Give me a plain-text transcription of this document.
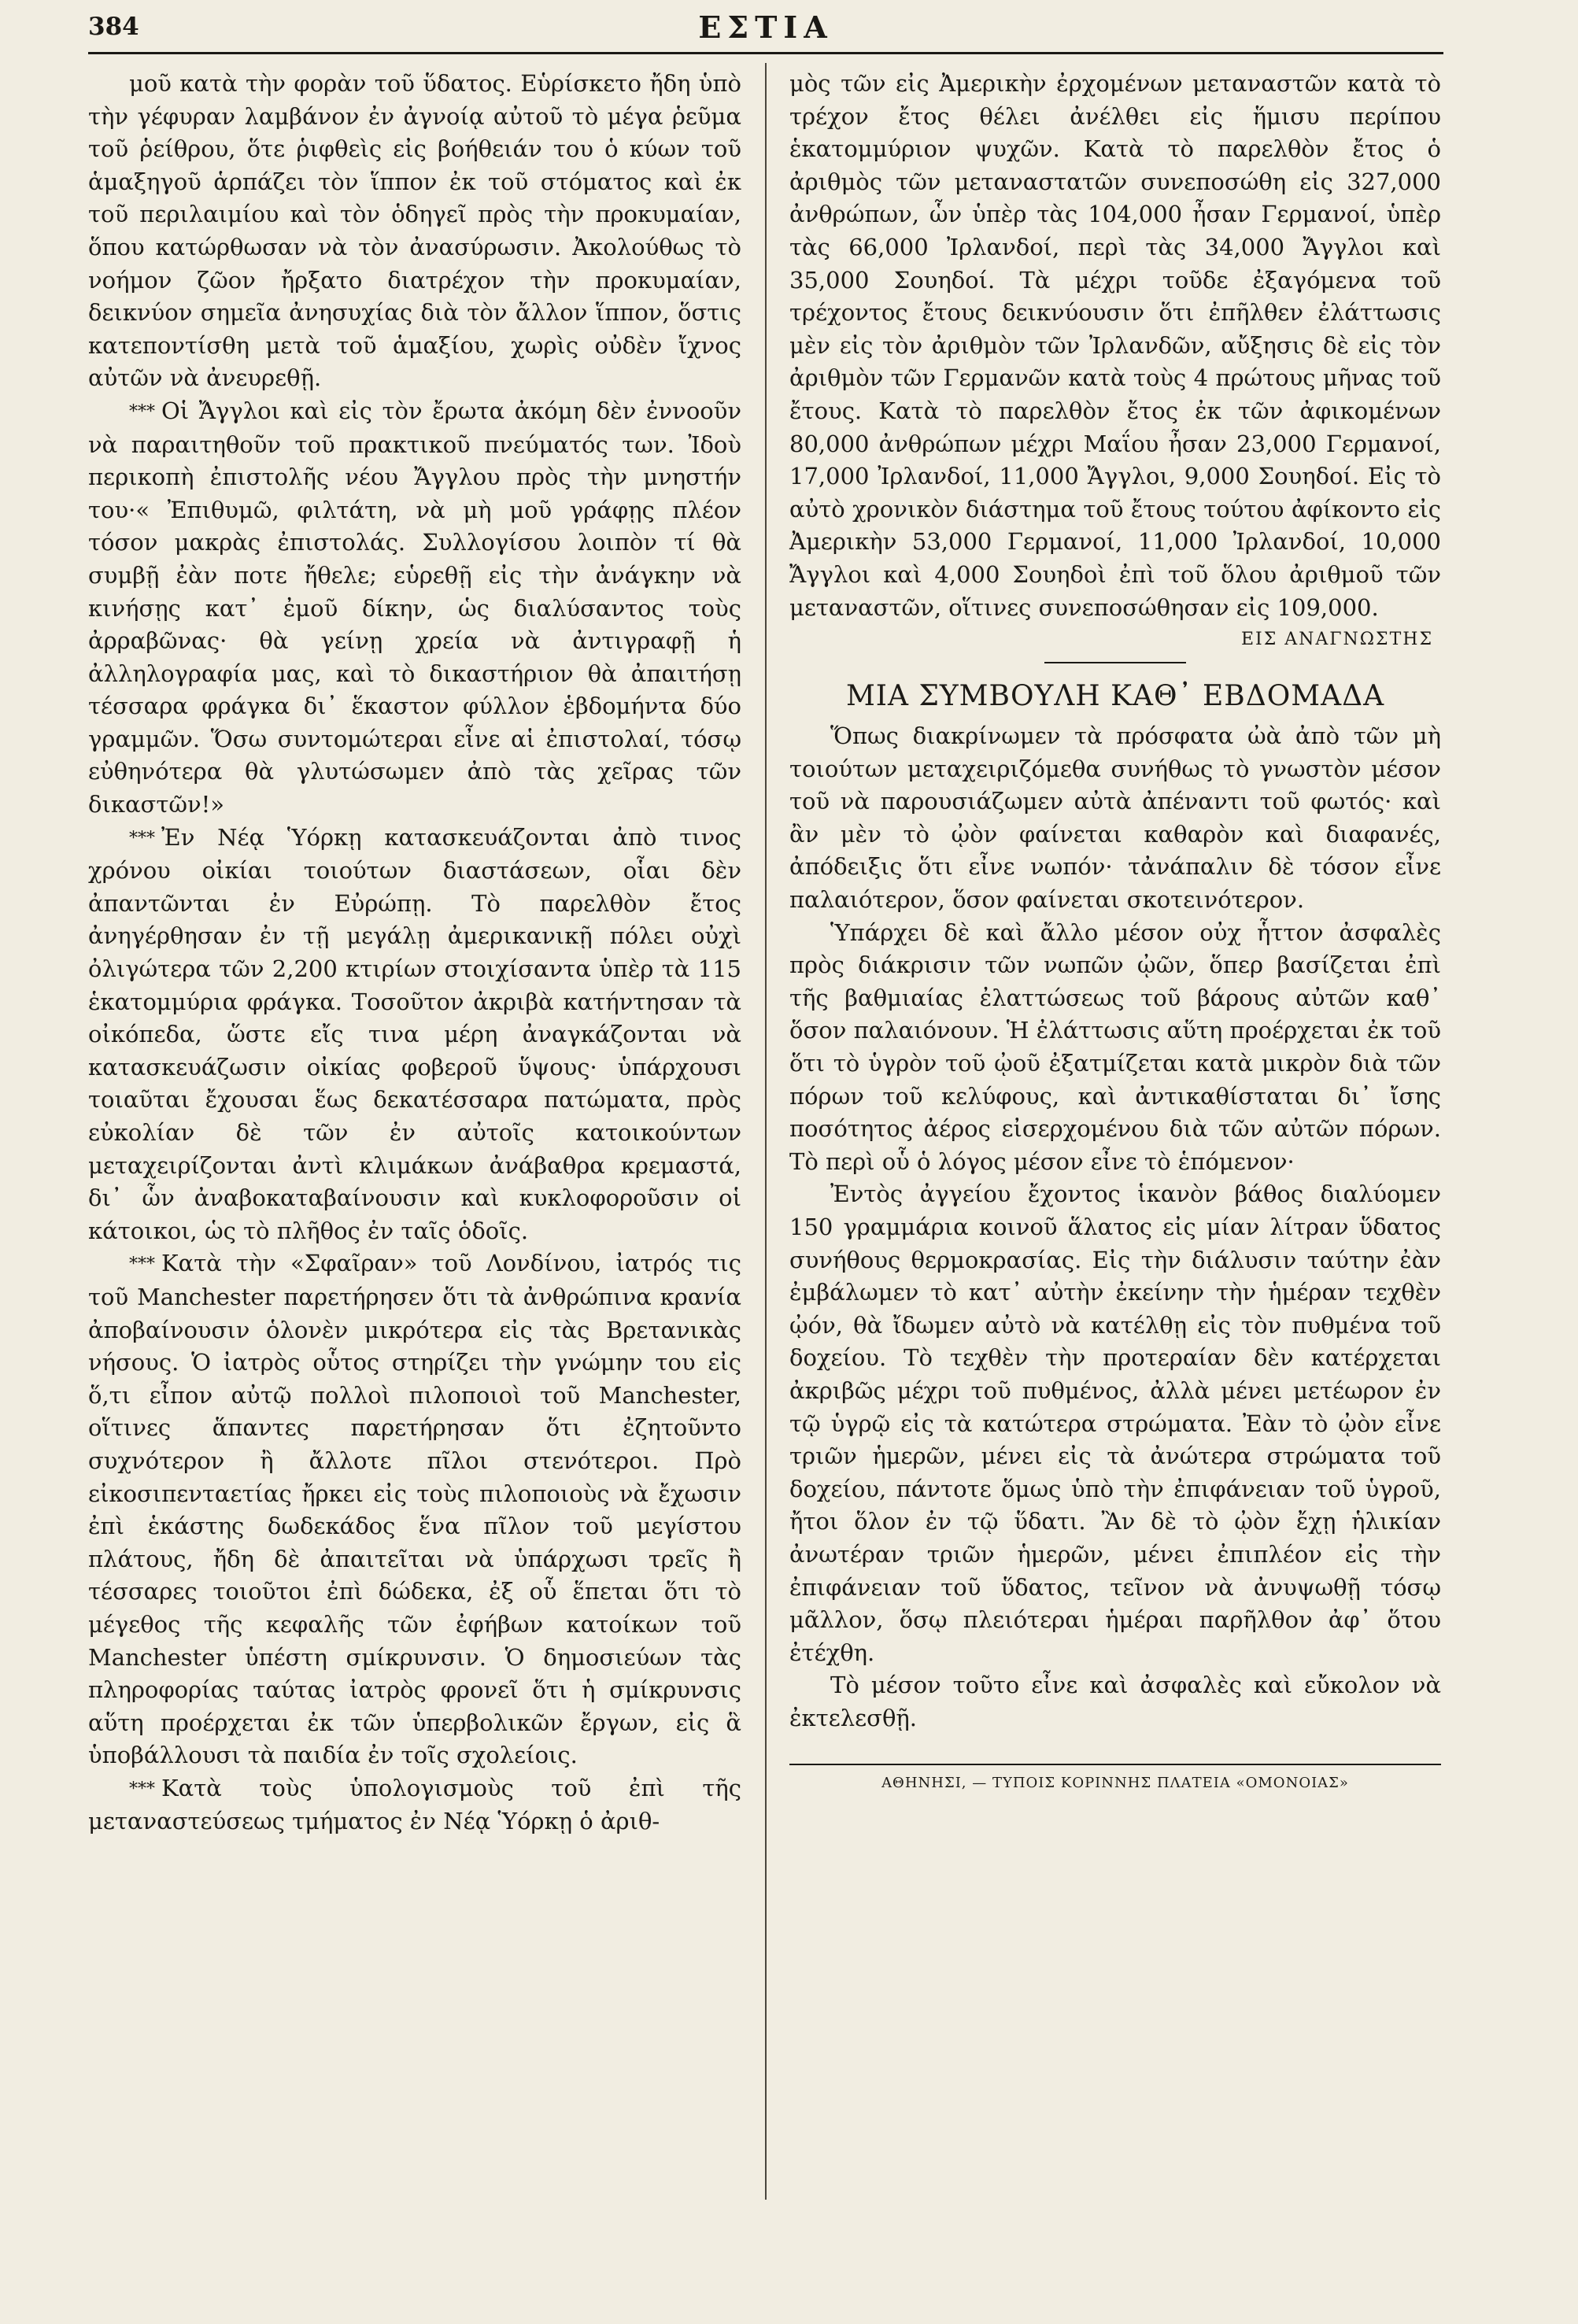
384	ΕΣΤΙΑ

μοῦ κατὰ τὴν φορὰν τοῦ ὕδατος. Εὑρίσκετο ἤδη ὑπὸ τὴν γέφυραν λαμβάνον ἐν ἀγνοίᾳ αὐτοῦ τὸ μέγα ῥεῦμα τοῦ ῥείθρου, ὅτε ῥιφθεὶς εἰς βοήθειάν του ὁ κύων τοῦ ἁμαξηγοῦ ἁρπάζει τὸν ἵππον ἐκ τοῦ στόματος καὶ ἐκ τοῦ περιλαιμίου καὶ τὸν ὁδηγεῖ πρὸς τὴν προκυμαίαν, ὅπου κατώρθωσαν νὰ τὸν ἀνασύρωσιν. Ἀκολούθως τὸ νοήμον ζῶον ἤρξατο διατρέχον τὴν προκυμαίαν, δεικνύον σημεῖα ἀνησυχίας διὰ τὸν ἄλλον ἵππον, ὅστις κατεποντίσθη μετὰ τοῦ ἁμαξίου, χωρὶς οὐδὲν ἴχνος αὐτῶν νὰ ἀνευρεθῇ.

*** Οἱ Ἄγγλοι καὶ εἰς τὸν ἔρωτα ἀκόμη δὲν ἐννοοῦν νὰ παραιτηθοῦν τοῦ πρακτικοῦ πνεύματός των. Ἰδοὺ περικοπὴ ἐπιστολῆς νέου Ἄγγλου πρὸς τὴν μνηστήν του·« Ἐπιθυμῶ, φιλτάτη, νὰ μὴ μοῦ γράφῃς πλέον τόσον μακρὰς ἐπιστολάς. Συλλογίσου λοιπὸν τί θὰ συμβῇ ἐὰν ποτε ἤθελε; εὑρεθῇ εἰς τὴν ἀνάγκην νὰ κινήσῃς κατ᾽ ἐμοῦ δίκην, ὡς διαλύσαντος τοὺς ἀρραβῶνας· θὰ γείνῃ χρεία νὰ ἀντιγραφῇ ἡ ἀλληλογραφία μας, καὶ τὸ δικαστήριον θὰ ἀπαιτήσῃ τέσσαρα φράγκα δι᾽ ἕκαστον φύλλον ἑβδομήντα δύο γραμμῶν. Ὅσω συντομώτεραι εἶνε αἱ ἐπιστολαί, τόσῳ εὐθηνότερα θὰ γλυτώσωμεν ἀπὸ τὰς χεῖρας τῶν δικαστῶν!»

*** Ἐν Νέᾳ Ὑόρκῃ κατασκευάζονται ἀπὸ τινος χρόνου οἰκίαι τοιούτων διαστάσεων, οἷαι δὲν ἀπαντῶνται ἐν Εὐρώπῃ. Τὸ παρελθὸν ἔτος ἀνηγέρθησαν ἐν τῇ μεγάλῃ ἀμερικανικῇ πόλει οὐχὶ ὀλιγώτερα τῶν 2,200 κτιρίων στοιχίσαντα ὑπὲρ τὰ 115 ἑκατομμύρια φράγκα. Τοσοῦτον ἀκριβὰ κατήντησαν τὰ οἰκόπεδα, ὥστε εἴς τινα μέρη ἀναγκάζονται νὰ κατασκευάζωσιν οἰκίας φοβεροῦ ὕψους· ὑπάρχουσι τοιαῦται ἔχουσαι ἕως δεκατέσσαρα πατώματα, πρὸς εὐκολίαν δὲ τῶν ἐν αὐτοῖς κατοικούντων μεταχειρίζονται ἀντὶ κλιμάκων ἀνάβαθρα κρεμαστά, δι᾽ ὧν ἀναβοκαταβαίνουσιν καὶ κυκλοφοροῦσιν οἱ κάτοικοι, ὡς τὸ πλῆθος ἐν ταῖς ὁδοῖς.

*** Κατὰ τὴν «Σφαῖραν» τοῦ Λονδίνου, ἰατρός τις τοῦ Manchester παρετήρησεν ὅτι τὰ ἀνθρώπινα κρανία ἀποβαίνουσιν ὁλονὲν μικρότερα εἰς τὰς Βρετανικὰς νήσους. Ὁ ἰατρὸς οὗτος στηρίζει τὴν γνώμην του εἰς ὅ,τι εἶπον αὐτῷ πολλοὶ πιλοποιοὶ τοῦ Manchester, οἵτινες ἅπαντες παρετήρησαν ὅτι ἐζητοῦντο συχνότερον ἢ ἄλλοτε πῖλοι στενότεροι. Πρὸ εἰκοσιπενταετίας ἤρκει εἰς τοὺς πιλοποιοὺς νὰ ἔχωσιν ἐπὶ ἑκάστης δωδεκάδος ἕνα πῖλον τοῦ μεγίστου πλάτους, ἤδη δὲ ἀπαιτεῖται νὰ ὑπάρχωσι τρεῖς ἢ τέσσαρες τοιοῦτοι ἐπὶ δώδεκα, ἐξ οὗ ἕπεται ὅτι τὸ μέγεθος τῆς κεφαλῆς τῶν ἐφήβων κατοίκων τοῦ Manchester ὑπέστη σμίκρυνσιν. Ὁ δημοσιεύων τὰς πληροφορίας ταύτας ἰατρὸς φρονεῖ ὅτι ἡ σμίκρυνσις αὕτη προέρχεται ἐκ τῶν ὑπερβολικῶν ἔργων, εἰς ἃ ὑποβάλλουσι τὰ παιδία ἐν τοῖς σχολείοις.

*** Κατὰ τοὺς ὑπολογισμοὺς τοῦ ἐπὶ τῆς μεταναστεύσεως τμήματος ἐν Νέᾳ Ὑόρκῃ ὁ ἀριθ-

μὸς τῶν εἰς Ἀμερικὴν ἐρχομένων μεταναστῶν κατὰ τὸ τρέχον ἔτος θέλει ἀνέλθει εἰς ἥμισυ περίπου ἑκατομμύριον ψυχῶν. Κατὰ τὸ παρελθὸν ἔτος ὁ ἀριθμὸς τῶν μεταναστατῶν συνεποσώθη εἰς 327,000 ἀνθρώπων, ὧν ὑπὲρ τὰς 104,000 ἦσαν Γερμανοί, ὑπὲρ τὰς 66,000 Ἰρλανδοί, περὶ τὰς 34,000 Ἄγγλοι καὶ 35,000 Σουηδοί. Τὰ μέχρι τοῦδε ἐξαγόμενα τοῦ τρέχοντος ἔτους δεικνύουσιν ὅτι ἐπῆλθεν ἐλάττωσις μὲν εἰς τὸν ἀριθμὸν τῶν Ἰρλανδῶν, αὔξησις δὲ εἰς τὸν ἀριθμὸν τῶν Γερμανῶν κατὰ τοὺς 4 πρώτους μῆνας τοῦ ἔτους. Κατὰ τὸ παρελθὸν ἔτος ἐκ τῶν ἀφικομένων 80,000 ἀνθρώπων μέχρι Μαΐου ἦσαν 23,000 Γερμανοί, 17,000 Ἰρλανδοί, 11,000 Ἄγγλοι, 9,000 Σουηδοί. Εἰς τὸ αὐτὸ χρονικὸν διάστημα τοῦ ἔτους τούτου ἀφίκοντο εἰς Ἀμερικὴν 53,000 Γερμανοί, 11,000 Ἰρλανδοί, 10,000 Ἄγγλοι καὶ 4,000 Σουηδοὶ ἐπὶ τοῦ ὅλου ἀριθμοῦ τῶν μεταναστῶν, οἵτινες συνεποσώθησαν εἰς 109,000.

ΕΙΣ ΑΝΑΓΝΩΣΤΗΣ

ΜΙΑ ΣΥΜΒΟΥΛΗ ΚΑΘ᾽ ΕΒΔΟΜΑΔΑ

Ὅπως διακρίνωμεν τὰ πρόσφατα ὠὰ ἀπὸ τῶν μὴ τοιούτων μεταχειριζόμεθα συνήθως τὸ γνωστὸν μέσον τοῦ νὰ παρουσιάζωμεν αὐτὰ ἀπέναντι τοῦ φωτός· καὶ ἂν μὲν τὸ ᾠὸν φαίνεται καθαρὸν καὶ διαφανές, ἀπόδειξις ὅτι εἶνε νωπόν· τἀνάπαλιν δὲ τόσον εἶνε παλαιότερον, ὅσον φαίνεται σκοτεινότερον.

Ὑπάρχει δὲ καὶ ἄλλο μέσον οὐχ ἧττον ἀσφαλὲς πρὸς διάκρισιν τῶν νωπῶν ᾠῶν, ὅπερ βασίζεται ἐπὶ τῆς βαθμιαίας ἐλαττώσεως τοῦ βάρους αὐτῶν καθ᾽ ὅσον παλαιόνουν. Ἡ ἐλάττωσις αὕτη προέρχεται ἐκ τοῦ ὅτι τὸ ὑγρὸν τοῦ ᾠοῦ ἐξατμίζεται κατὰ μικρὸν διὰ τῶν πόρων τοῦ κελύφους, καὶ ἀντικαθίσταται δι᾽ ἴσης ποσότητος ἀέρος εἰσερχομένου διὰ τῶν αὐτῶν πόρων. Τὸ περὶ οὗ ὁ λόγος μέσον εἶνε τὸ ἑπόμενον·

Ἐντὸς ἀγγείου ἔχοντος ἱκανὸν βάθος διαλύομεν 150 γραμμάρια κοινοῦ ἅλατος εἰς μίαν λίτραν ὕδατος συνήθους θερμοκρασίας. Εἰς τὴν διάλυσιν ταύτην ἐὰν ἐμβάλωμεν τὸ κατ᾽ αὐτὴν ἐκείνην τὴν ἡμέραν τεχθὲν ᾠόν, θὰ ἴδωμεν αὐτὸ νὰ κατέλθῃ εἰς τὸν πυθμένα τοῦ δοχείου. Τὸ τεχθὲν τὴν προτεραίαν δὲν κατέρχεται ἀκριβῶς μέχρι τοῦ πυθμένος, ἀλλὰ μένει μετέωρον ἐν τῷ ὑγρῷ εἰς τὰ κατώτερα στρώματα. Ἐὰν τὸ ᾠὸν εἶνε τριῶν ἡμερῶν, μένει εἰς τὰ ἀνώτερα στρώματα τοῦ δοχείου, πάντοτε ὅμως ὑπὸ τὴν ἐπιφάνειαν τοῦ ὑγροῦ, ἤτοι ὅλον ἐν τῷ ὕδατι. Ἂν δὲ τὸ ᾠὸν ἔχῃ ἡλικίαν ἀνωτέραν τριῶν ἡμερῶν, μένει ἐπιπλέον εἰς τὴν ἐπιφάνειαν τοῦ ὕδατος, τεῖνον νὰ ἀνυψωθῇ τόσῳ μᾶλλον, ὅσῳ πλειότεραι ἡμέραι παρῆλθον ἀφ᾽ ὅτου ἐτέχθη.

Τὸ μέσον τοῦτο εἶνε καὶ ἀσφαλὲς καὶ εὔκολον νὰ ἐκτελεσθῇ.

ΑΘΗΝΗΣΙ, — ΤΥΠΟΙΣ ΚΟΡΙΝΝΗΣ ΠΛΑΤΕΙΑ «ΟΜΟΝΟΙΑΣ»
